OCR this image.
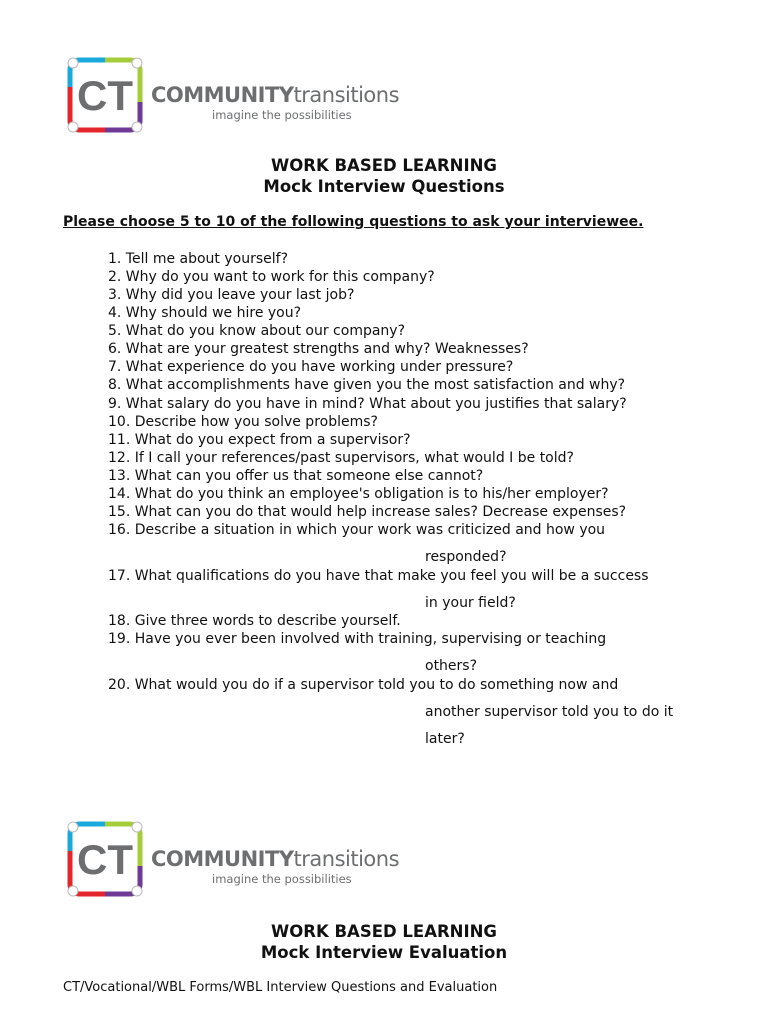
CT COMMUNITYtransitions
imagine the possibilities
WORK BASED LEARNING
Mock Interview Questions
Please choose 5 to 10 of the following questions to ask your interviewee.
1. Tell me about yourself?
2. Why do you want to work for this company?
3. Why did you leave your last job?
4. Why should we hire you?
5. What do you know about our company?
6. What are your greatest strengths and why? Weaknesses?
7. What experience do you have working under pressure?
8. What accomplishments have given you the most satisfaction and why?
9. What salary do you have in mind? What about you justifies that salary?
10. Describe how you solve problems?
11. What do you expect from a supervisor?
12. If I call your references/past supervisors, what would I be told?
13. What can you offer us that someone else cannot?
14. What do you think an employee's obligation is to his/her employer?
15. What can you do that would help increase sales? Decrease expenses?
16. Describe a situation in which your work was criticized and how you
responded?
17. What qualifications do you have that make you feel you will be a success
in your field?
18. Give three words to describe yourself.
19. Have you ever been involved with training, supervising or teaching
others?
20. What would you do if a supervisor told you to do something now and
another supervisor told you to do it
later?
CT COMMUNITYtransitions
imagine the possibilities
WORK BASED LEARNING
Mock Interview Evaluation
CT/Vocational/WBL Forms/WBL Interview Questions and Evaluation
